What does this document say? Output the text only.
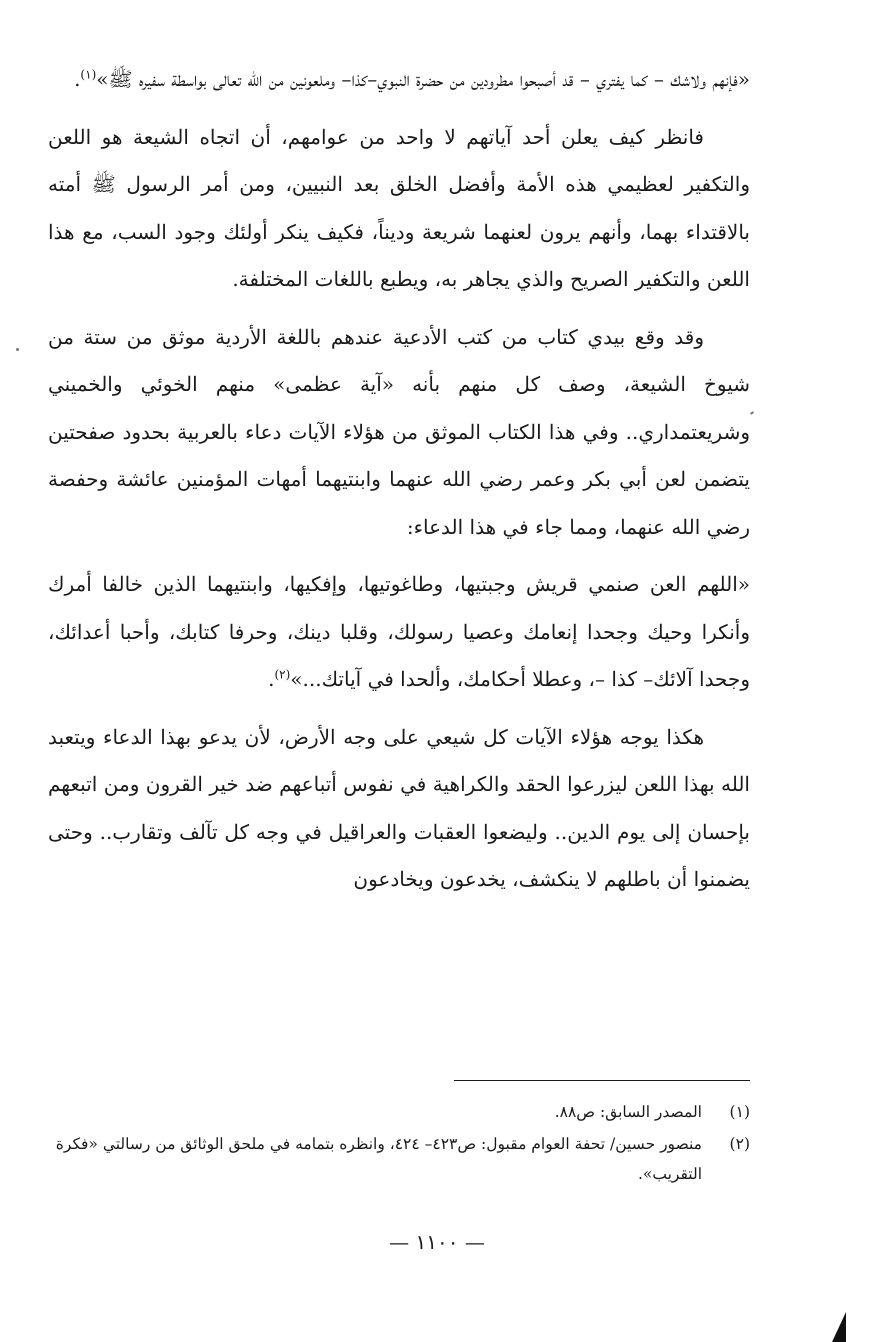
«فإنهم ولاشك – كما يفتري – قد أصبحوا مطرودين من حضرة النبوي–كذا– وملعونين من الله تعالى بواسطة سفيره ﷺ»$^{(١)}$.

فانظر كيف يعلن أحد آياتهم لا واحد من عوامهم، أن اتجاه الشيعة هو اللعن والتكفير لعظيمي هذه الأمة وأفضل الخلق بعد النبيين، ومن أمر الرسول ﷺ أمته بالاقتداء بهما، وأنهم يرون لعنهما شريعة وديناً، فكيف ينكر أولئك وجود السب، مع هذا اللعن والتكفير الصريح والذي يجاهر به، ويطبع باللغات المختلفة.

وقد وقع بيدي كتاب من كتب الأدعية عندهم باللغة الأردية موثق من ستة من شيوخ الشيعة، وصف كل منهم بأنه «آية عظمى» منهم الخوئي والخميني وشريعتمداري.. وفي هذا الكتاب الموثق من هؤلاء الآيات دعاء بالعربية بحدود صفحتين يتضمن لعن أبي بكر وعمر رضي الله عنهما وابنتيهما أمهات المؤمنين عائشة وحفصة رضي الله عنهما، ومما جاء في هذا الدعاء:

«اللهم العن صنمي قريش وجبتيها، وطاغوتيها، وإفكيها، وابنتيهما الذين خالفا أمرك وأنكرا وحيك وجحدا إنعامك وعصيا رسولك، وقلبا دينك، وحرفا كتابك، وأحبا أعدائك، وجحدا آلائك– كذا –، وعطلا أحكامك، وألحدا في آياتك...»$^{(٢)}$.

هكذا يوجه هؤلاء الآيات كل شيعي على وجه الأرض، لأن يدعو بهذا الدعاء ويتعبد الله بهذا اللعن ليزرعوا الحقد والكراهية في نفوس أتباعهم ضد خير القرون ومن اتبعهم بإحسان إلى يوم الدين.. وليضعوا العقبات والعراقيل في وجه كل تآلف وتقارب.. وحتى يضمنوا أن باطلهم لا ينكشف، يخدعون ويخادعون

(١)
المصدر السابق: ص٨٨.
(٢)
منصور حسين/ تحفة العوام مقبول: ص٤٢٣– ٤٢٤، وانظره بتمامه في ملحق الوثائق من رسالتي «فكرة التقريب».
— ١١٠٠ —
